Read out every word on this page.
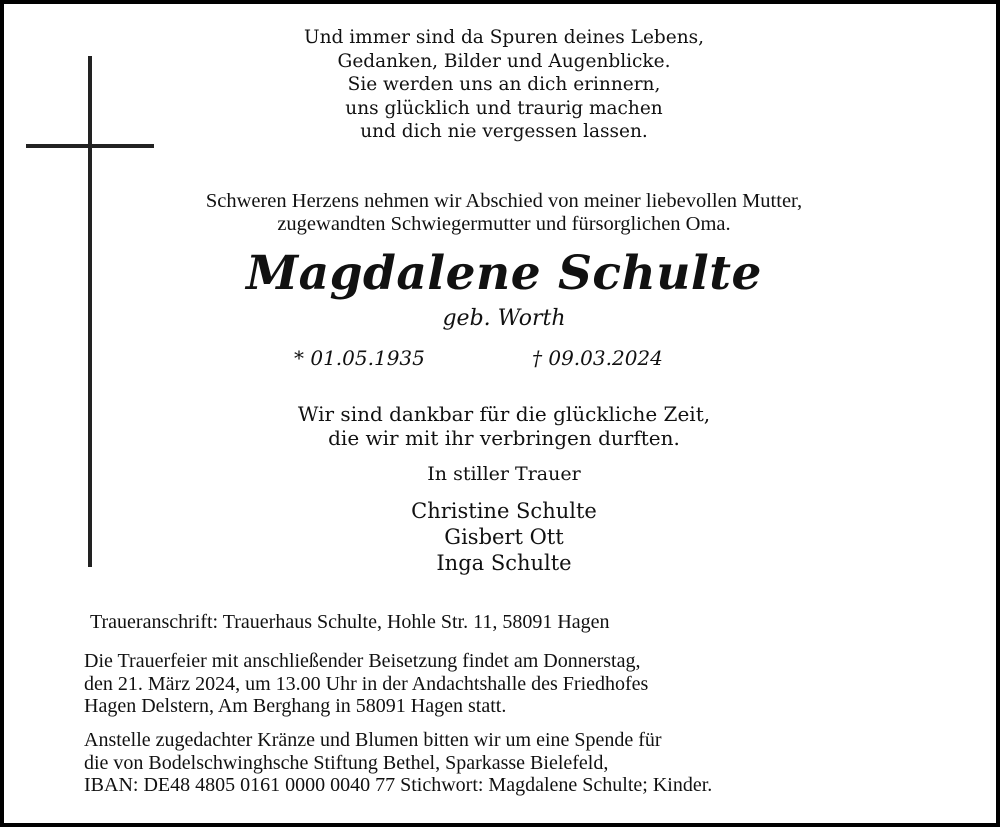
Und immer sind da Spuren deines Lebens,
Gedanken, Bilder und Augenblicke.
Sie werden uns an dich erinnern,
uns glücklich und traurig machen
und dich nie vergessen lassen.
Schweren Herzens nehmen wir Abschied von meiner liebevollen Mutter,
zugewandten Schwiegermutter und fürsorglichen Oma.
Magdalene Schulte
geb. Worth
* 01.05.1935	† 09.03.2024
Wir sind dankbar für die glückliche Zeit,
die wir mit ihr verbringen durften.
In stiller Trauer
Christine Schulte
Gisbert Ott
Inga Schulte
Traueranschrift: Trauerhaus Schulte, Hohle Str. 11, 58091 Hagen
Die Trauerfeier mit anschließender Beisetzung findet am Donnerstag,
den 21. März 2024, um 13.00 Uhr in der Andachtshalle des Friedhofes
Hagen Delstern, Am Berghang in 58091 Hagen statt.
Anstelle zugedachter Kränze und Blumen bitten wir um eine Spende für
die von Bodelschwinghsche Stiftung Bethel, Sparkasse Bielefeld,
IBAN: DE48 4805 0161 0000 0040 77 Stichwort: Magdalene Schulte; Kinder.
